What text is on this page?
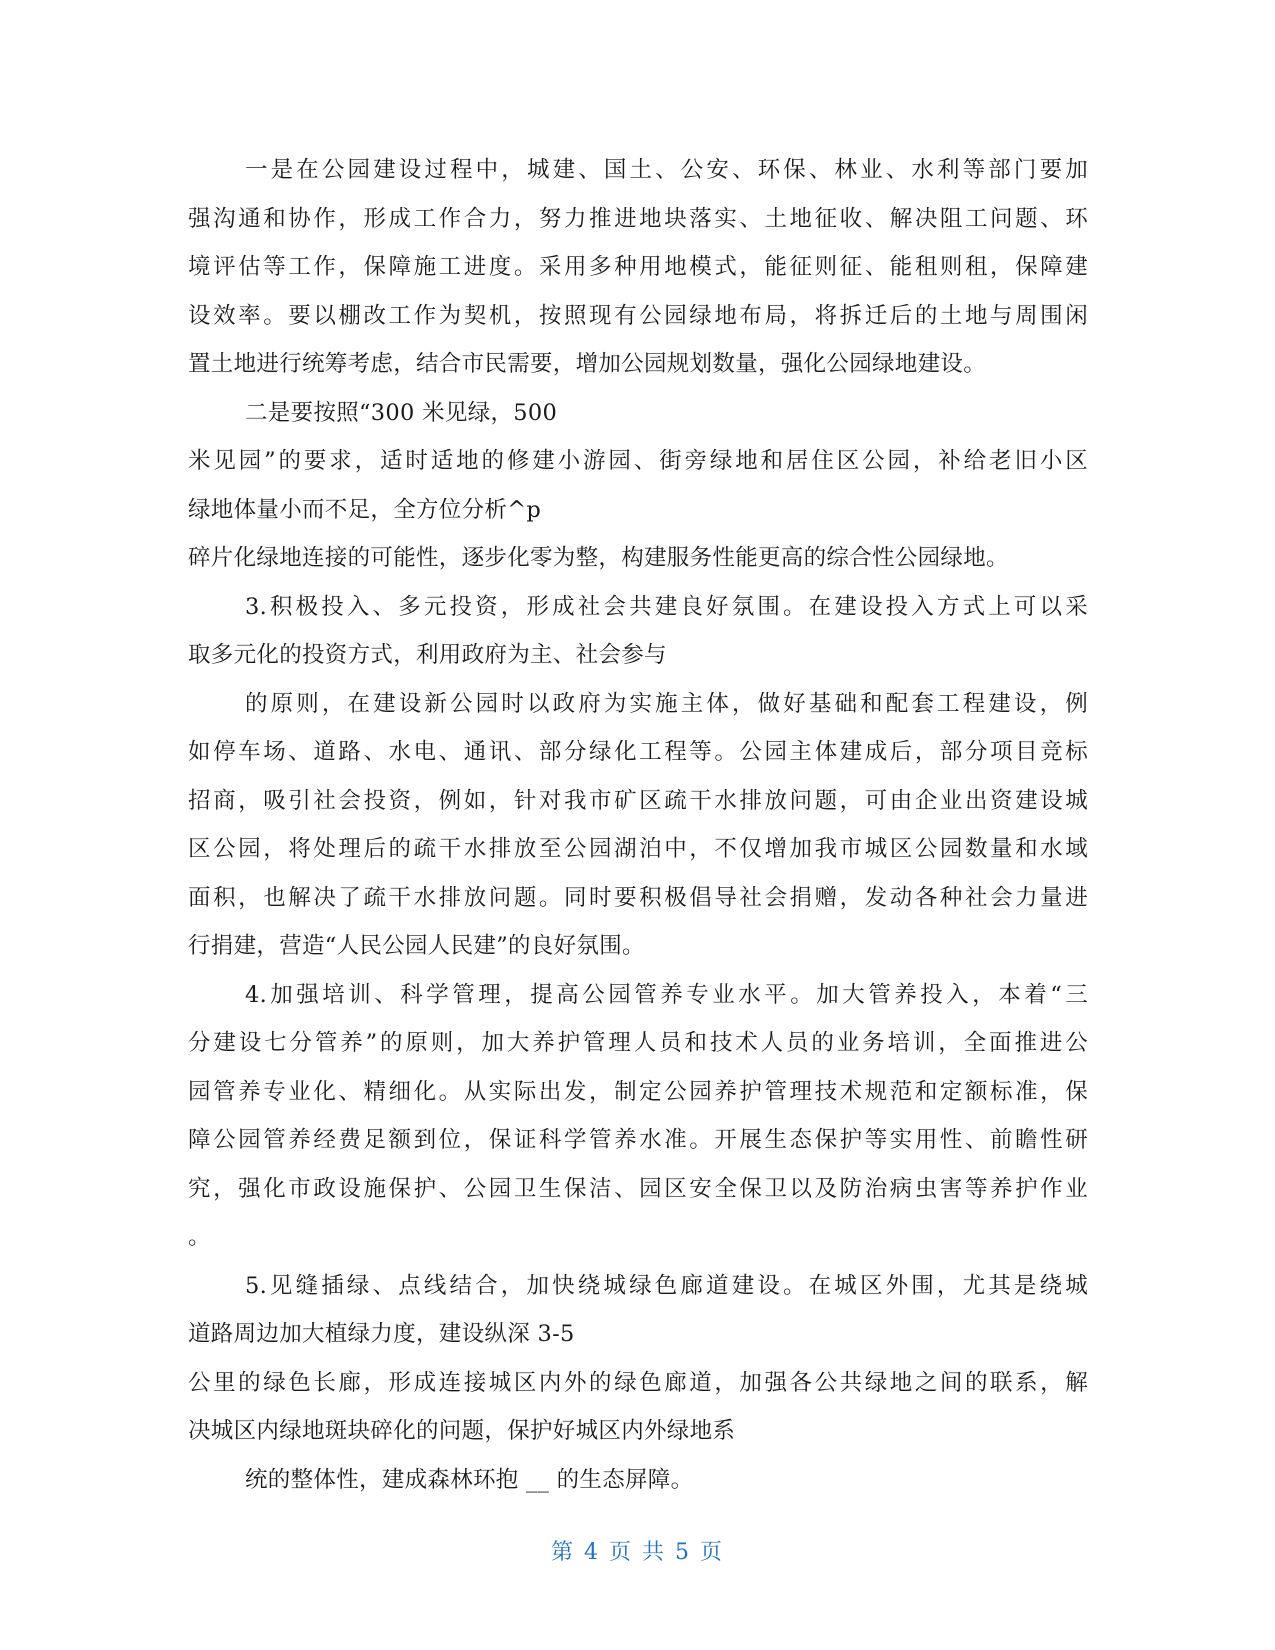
一是在公园建设过程中，城建、国土、公安、环保、林业、水利等部门要加
强沟通和协作，形成工作合力，努力推进地块落实、土地征收、解决阻工问题、环
境评估等工作，保障施工进度。采用多种用地模式，能征则征、能租则租，保障建
设效率。要以棚改工作为契机，按照现有公园绿地布局，将拆迁后的土地与周围闲
置土地进行统筹考虑，结合市民需要，增加公园规划数量，强化公园绿地建设。
二是要按照“300 米见绿，500
米见园”的要求，适时适地的修建小游园、街旁绿地和居住区公园，补给老旧小区
绿地体量小而不足，全方位分析^p
碎片化绿地连接的可能性，逐步化零为整，构建服务性能更高的综合性公园绿地。
3.积极投入、多元投资，形成社会共建良好氛围。在建设投入方式上可以采
取多元化的投资方式，利用政府为主、社会参与
的原则，在建设新公园时以政府为实施主体，做好基础和配套工程建设，例
如停车场、道路、水电、通讯、部分绿化工程等。公园主体建成后，部分项目竞标
招商，吸引社会投资，例如，针对我市矿区疏干水排放问题，可由企业出资建设城
区公园，将处理后的疏干水排放至公园湖泊中，不仅增加我市城区公园数量和水域
面积，也解决了疏干水排放问题。同时要积极倡导社会捐赠，发动各种社会力量进
行捐建，营造“人民公园人民建”的良好氛围。
4.加强培训、科学管理，提高公园管养专业水平。加大管养投入，本着“三
分建设七分管养”的原则，加大养护管理人员和技术人员的业务培训，全面推进公
园管养专业化、精细化。从实际出发，制定公园养护管理技术规范和定额标准，保
障公园管养经费足额到位，保证科学管养水准。开展生态保护等实用性、前瞻性研
究，强化市政设施保护、公园卫生保洁、园区安全保卫以及防治病虫害等养护作业
。
5.见缝插绿、点线结合，加快绕城绿色廊道建设。在城区外围，尤其是绕城
道路周边加大植绿力度，建设纵深 3-5
公里的绿色长廊，形成连接城区内外的绿色廊道，加强各公共绿地之间的联系，解
决城区内绿地斑块碎化的问题，保护好城区内外绿地系
统的整体性，建成森林环抱 __ 的生态屏障。
第 4 页 共 5 页
